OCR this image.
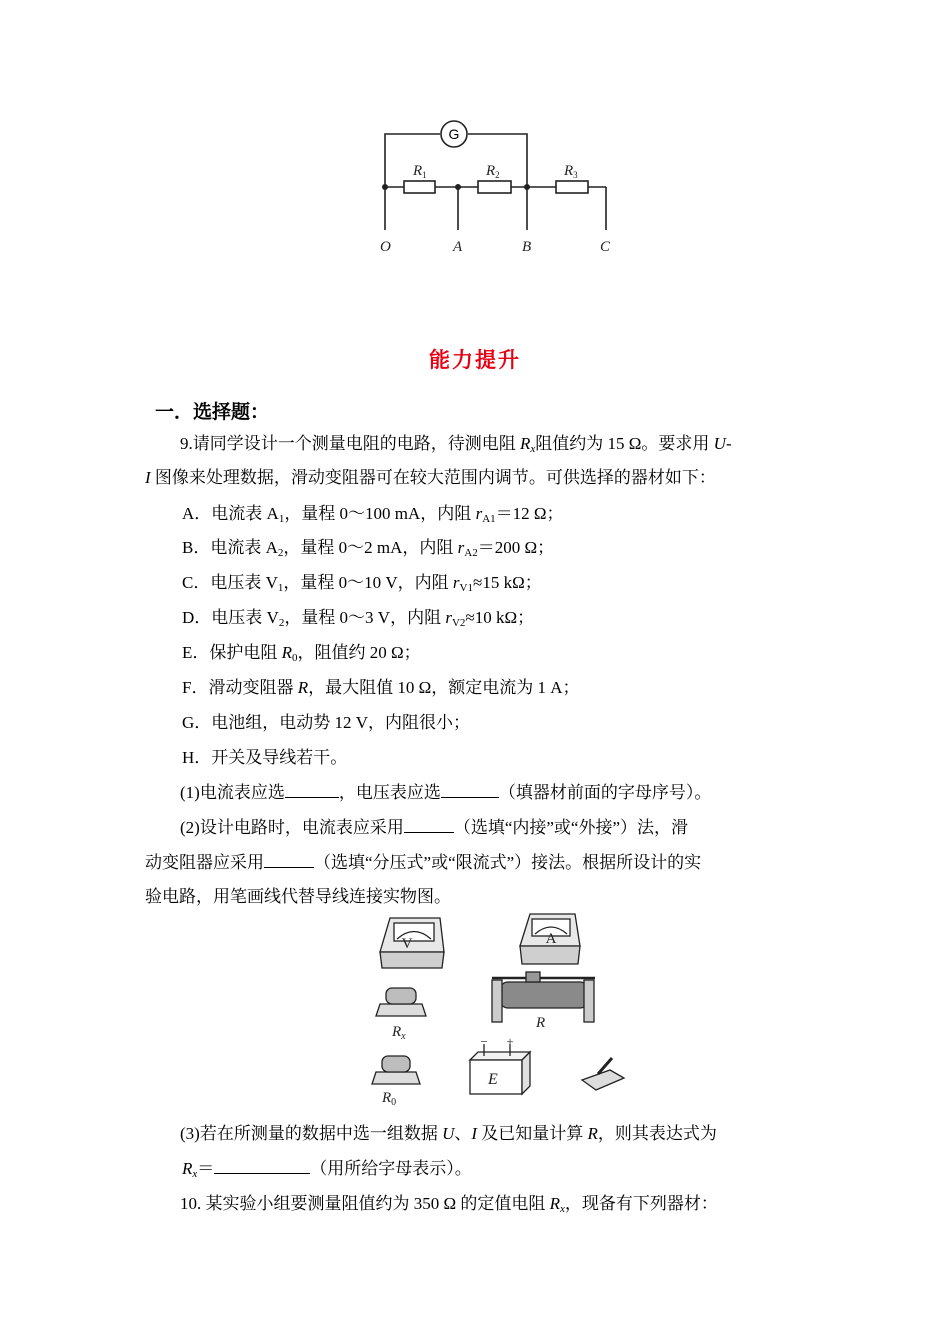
G
$R_1$	$R_2$	$R_3$
O	A	B	C
能力提升
一．选择题：
9.请同学设计一个测量电阻的电路，待测电阻 $R_x$阻值约为 15 Ω。要求用 U-
I 图像来处理数据，滑动变阻器可在较大范围内调节。可供选择的器材如下：
A．电流表 $A_1$，量程 0～100 mA，内阻 $r_{A1}=12$ Ω；
B．电流表 $A_2$，量程 0～2 mA，内阻 $r_{A2}=200$ Ω；
C．电压表 $V_1$，量程 0～10 V，内阻 $r_{V1}\approx 15$ kΩ；
D．电压表 $V_2$，量程 0～3 V，内阻 $r_{V2}\approx 10$ kΩ；
E．保护电阻 $R_0$，阻值约 20 Ω；
F．滑动变阻器 R，最大阻值 10 Ω，额定电流为 1 A；
G．电池组，电动势 12 V，内阻很小；
H．开关及导线若干。
(1)电流表应选	，电压表应选	（填器材前面的字母序号）。
(2)设计电路时，电流表应采用	（选填“内接”或“外接”）法，滑
动变阻器应采用	（选填“分压式”或“限流式”）接法。根据所设计的实
验电路，用笔画线代替导线连接实物图。
V	A
$R_x$
R
$R_0$
E
− +
(3)若在所测量的数据中选一组数据 U、I 及已知量计算 R，则其表达式为
$R_x=$	（用所给字母表示）。
10. 某实验小组要测量阻值约为 350 Ω 的定值电阻 $R_x$，现备有下列器材：
